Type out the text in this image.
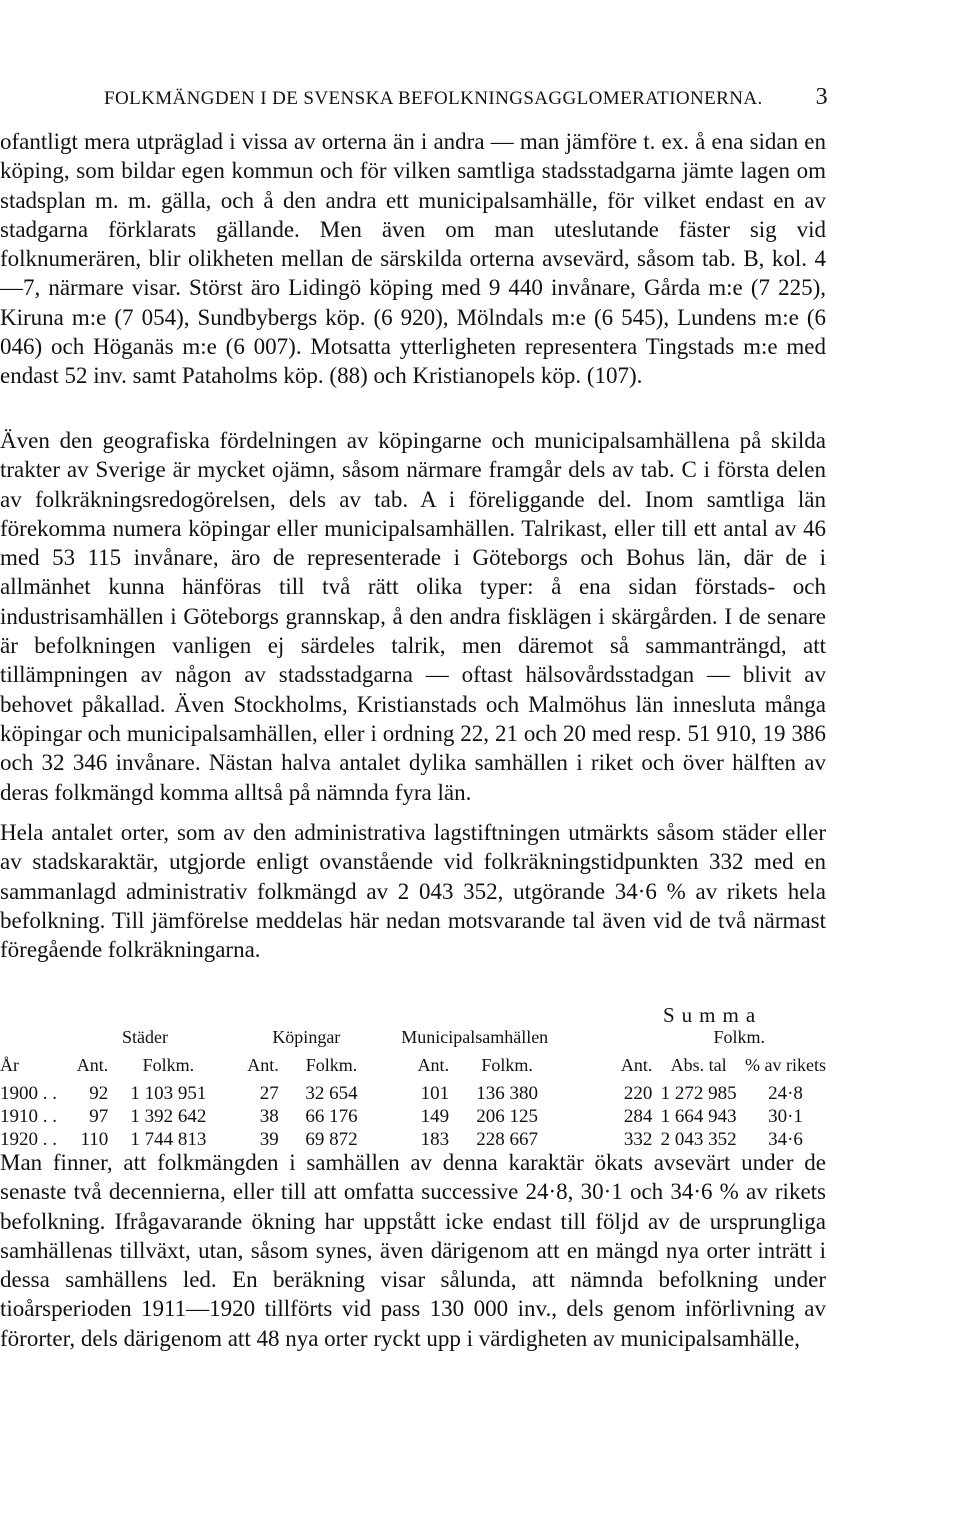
FOLKMÄNGDEN I DE SVENSKA BEFOLKNINGSAGGLOMERATIONERNA. 3

ofantligt mera utpräglad i vissa av orterna än i andra — man jämföre t. ex. å ena sidan en köping, som bildar egen kommun och för vilken samtliga stadsstadgarna jämte lagen om stadsplan m. m. gälla, och å den andra ett municipalsamhälle, för vilket endast en av stadgarna förklarats gällande. Men även om man uteslutande fäster sig vid folknumerären, blir olikheten mellan de särskilda orterna avsevärd, såsom tab. B, kol. 4—7, närmare visar. Störst äro Lidingö köping med 9 440 invånare, Gårda m:e (7 225), Kiruna m:e (7 054), Sundbybergs köp. (6 920), Mölndals m:e (6 545), Lundens m:e (6 046) och Höganäs m:e (6 007). Motsatta ytterligheten representera Tingstads m:e med endast 52 inv. samt Pataholms köp. (88) och Kristianopels köp. (107).

Även den geografiska fördelningen av köpingarne och municipalsamhällena på skilda trakter av Sverige är mycket ojämn, såsom närmare framgår dels av tab. C i första delen av folkräkningsredogörelsen, dels av tab. A i föreliggande del. Inom samtliga län förekomma numera köpingar eller municipalsamhällen. Talrikast, eller till ett antal av 46 med 53 115 invånare, äro de representerade i Göteborgs och Bohus län, där de i allmänhet kunna hänföras till två rätt olika typer: å ena sidan förstads- och industrisamhällen i Göteborgs grannskap, å den andra fisklägen i skärgården. I de senare är befolkningen vanligen ej särdeles talrik, men däremot så sammanträngd, att tillämpningen av någon av stadsstadgarna — oftast hälsovårdsstadgan — blivit av behovet påkallad. Även Stockholms, Kristianstads och Malmöhus län inneslutа många köpingar och municipalsamhällen, eller i ordning 22, 21 och 20 med resp. 51 910, 19 386 och 32 346 invånare. Nästan halva antalet dylika samhällen i riket och över hälften av deras folkmängd komma alltså på nämnda fyra län.

Hela antalet orter, som av den administrativa lagstiftningen utmärkts såsom städer eller av stadskaraktär, utgjorde enligt ovanstående vid folkräkningstidpunkten 332 med en sammanlagd administrativ folkmängd av 2 043 352, utgörande 34·6 % av rikets hela befolkning. Till jämförelse meddelas här nedan motsvarande tal även vid de två närmast föregående folkräkningarna.

Summa
	Städer		Köpingar		Municipalsamhällen			Folkm.	
År	Ant.	Folkm.	Ant.	Folkm.	Ant.	Folkm.	Ant.	Abs. tal	% av rikets
1900 . .	92	1 103 951	27	32 654	101	136 380	220	1 272 985	24·8
1910 . .	97	1 392 642	38	66 176	149	206 125	284	1 664 943	30·1
1920 . .	110	1 744 813	39	69 872	183	228 667	332	2 043 352	34·6

Man finner, att folkmängden i samhällen av denna karaktär ökats avsevärt under de senaste två decennierna, eller till att omfatta successive 24·8, 30·1 och 34·6 % av rikets befolkning. Ifrågavarande ökning har uppstått icke endast till följd av de ursprungliga samhällenas tillväxt, utan, såsom synes, även därigenom att en mängd nya orter inträtt i dessa samhällens led. En beräkning visar sålunda, att nämnda befolkning under tioårsperioden 1911—1920 tillförts vid pass 130 000 inv., dels genom införlivning av förorter, dels därigenom att 48 nya orter ryckt upp i värdigheten av municipalsamhälle,
